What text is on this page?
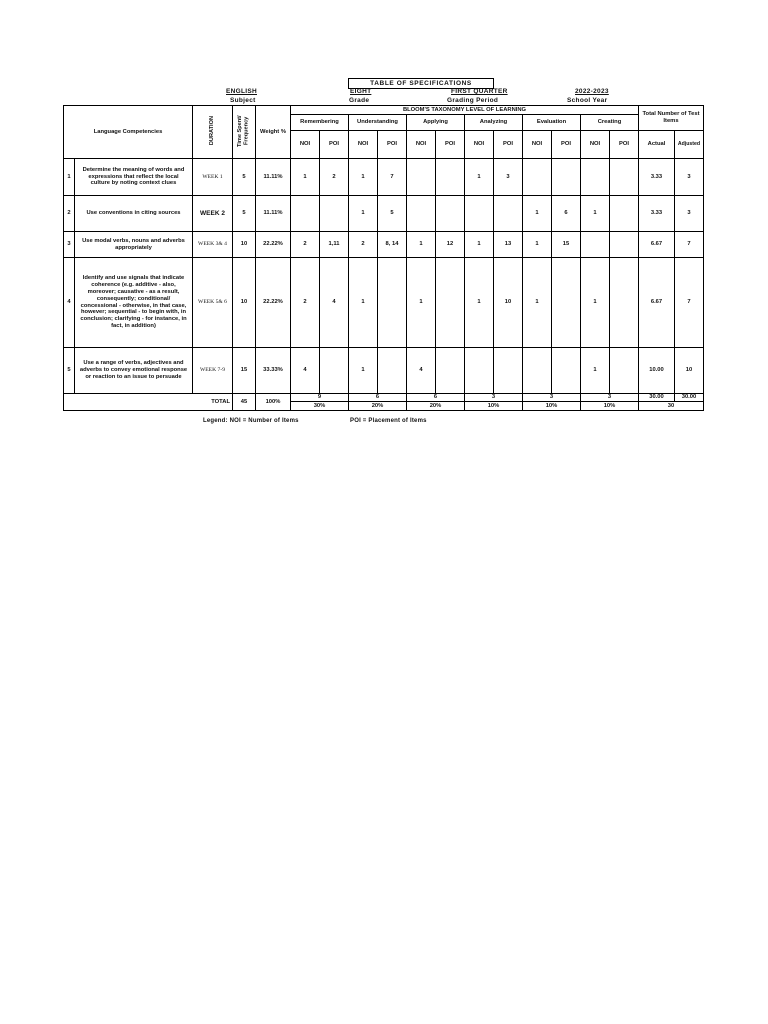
TABLE OF SPECIFICATIONS
ENGLISH
Subject
EIGHT
Grade
FIRST QUARTER
Grading Period
2022-2023
School Year
Language Competencies		DURATION	Time Spent/ Frequency	Weight %	BLOOM'S TAXONOMY LEVEL OF LEARNING												Total Number of Test Items	
					Remembering		Understanding		Applying		Analyzing		Evaluation		Creating			
					NOI	POI	NOI	POI	NOI	POI	NOI	POI	NOI	POI	NOI	POI	Actual	Adjusted
1	Determine the meaning of words and expressions that reflect the local culture by noting context clues	WEEK 1	5	11.11%	1	2	1	7			1	3					3.33	3
2	Use conventions in citing sources	WEEK 2	5	11.11%			1	5					1	6	1		3.33	3
3	Use modal verbs, nouns and adverbs appropriately	WEEK 3& 4	10	22.22%	2	1,11	2	8, 14	1	12	1	13	1	15			6.67	7
4	Identify and use signals that indicate coherence (e.g. additive - also, moreover; causative - as a result, consequently; conditional/ concessional - otherwise, in that case, however; sequential - to begin with, in conclusion; clarifying - for instance, in fact, in addition)	WEEK 5& 6	10	22.22%	2	4	1		1		1	10	1		1		6.67	7
5	Use a range of verbs, adjectives and adverbs to convey emotional response or reaction to an issue to persuade	WEEK 7-9	15	33.33%	4		1		4						1		10.00	10
		TOTAL	45	100%	9		6		6		3		3		3		30.00	30.00
					30%		20%		20%		10%		10%		10%		30	
Legend: NOI = Number of Items	POI = Placement of Items
